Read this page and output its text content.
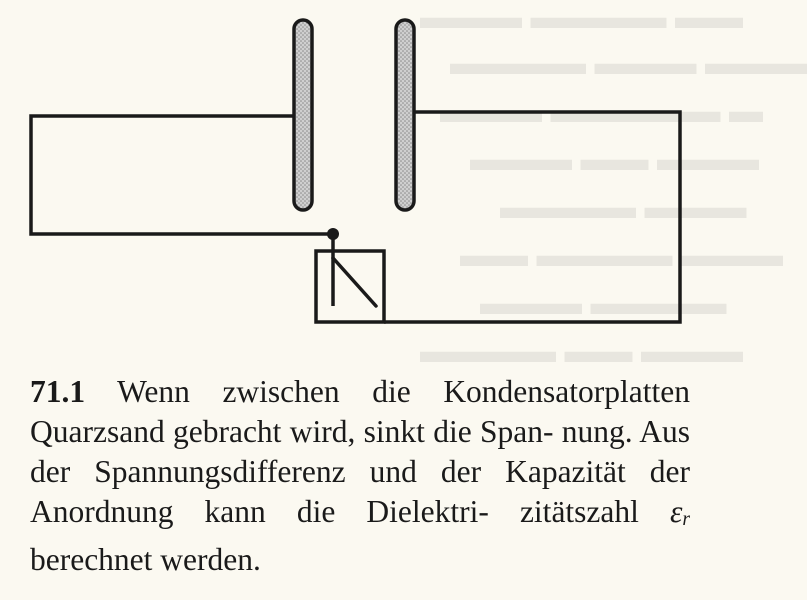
▬▬▬ ▬▬▬▬ ▬▬
▬▬▬▬ ▬▬▬ ▬▬▬
▬▬▬ ▬▬▬▬▬ ▬
▬▬▬ ▬▬ ▬▬▬
▬▬▬▬ ▬▬▬
▬▬ ▬▬▬▬ ▬▬▬
▬▬▬ ▬▬▬▬
▬▬▬▬ ▬▬ ▬▬▬
71.1 Wenn zwischen die Kondensatorplatten Quarzsand gebracht wird, sinkt die Span- nung. Aus der Spannungsdifferenz und der Kapazität der Anordnung kann die Dielektri- zitätszahl $\varepsilon_r$ berechnet werden.
